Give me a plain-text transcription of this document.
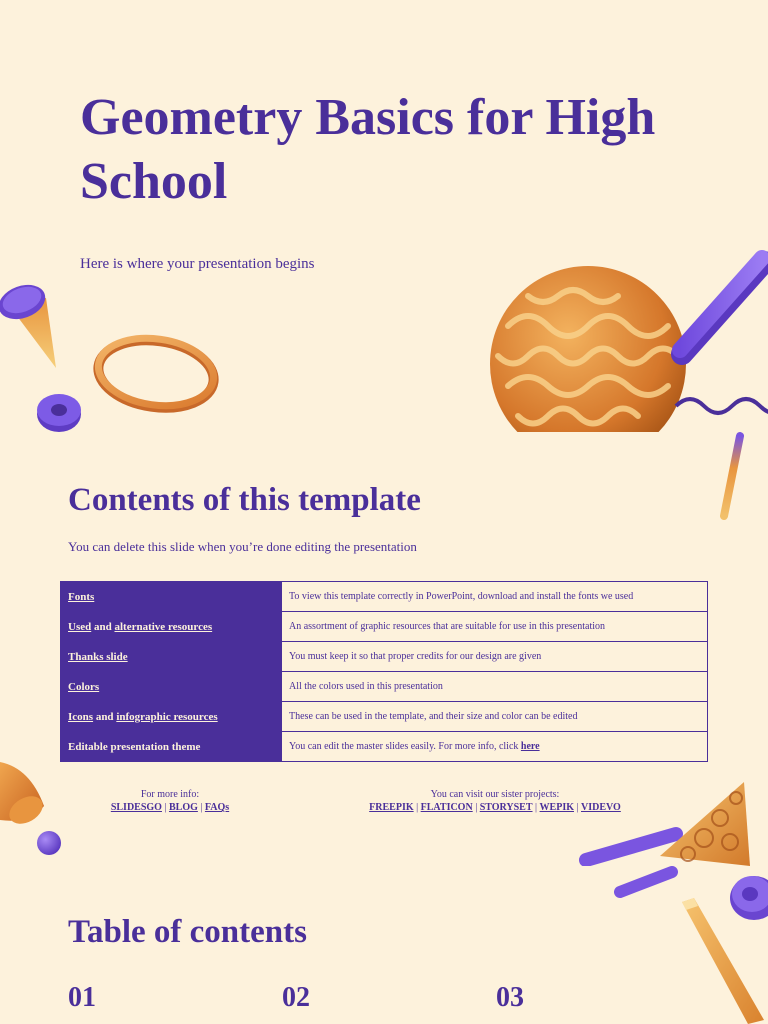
Geometry Basics for High School
Here is where your presentation begins
Contents of this template
You can delete this slide when you’re done editing the presentation
Fonts	To view this template correctly in PowerPoint, download and install the fonts we used
Used and alternative resources	An assortment of graphic resources that are suitable for use in this presentation
Thanks slide	You must keep it so that proper credits for our design are given
Colors	All the colors used in this presentation
Icons and infographic resources	These can be used in the template, and their size and color can be edited
Editable presentation theme	You can edit the master slides easily. For more info, click here
For more info:
SLIDESGO | BLOG | FAQs
You can visit our sister projects:
FREEPIK | FLATICON | STORYSET | WEPIK | VIDEVO
Table of contents
01	02	03
